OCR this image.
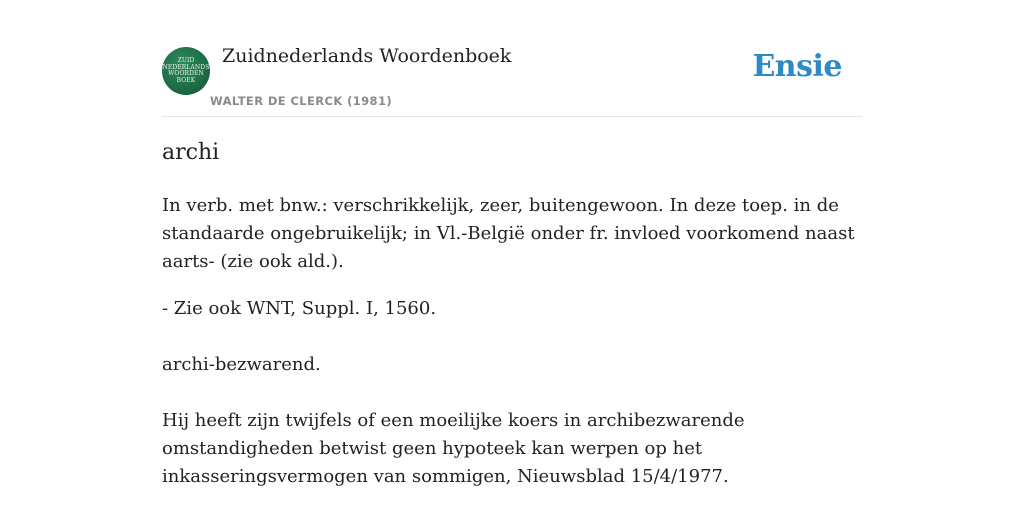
ZUID
NEDERLANDS
WOORDEN
BOEK
Zuidnederlands Woordenboek
WALTER DE CLERCK (1981)
Ensie
archi

In verb. met bnw.: verschrikkelijk, zeer, buitengewoon. In deze toep. in de standaarde ongebruikelijk; in Vl.-België onder fr. invloed voorkomend naast aarts- (zie ook ald.).

- Zie ook WNT, Suppl. I, 1560.

archi-bezwarend.

Hij heeft zijn twijfels of een moeilijke koers in archibezwarende omstandigheden betwist geen hypoteek kan werpen op het inkasseringsvermogen van sommigen, Nieuwsblad 15/4/1977.
